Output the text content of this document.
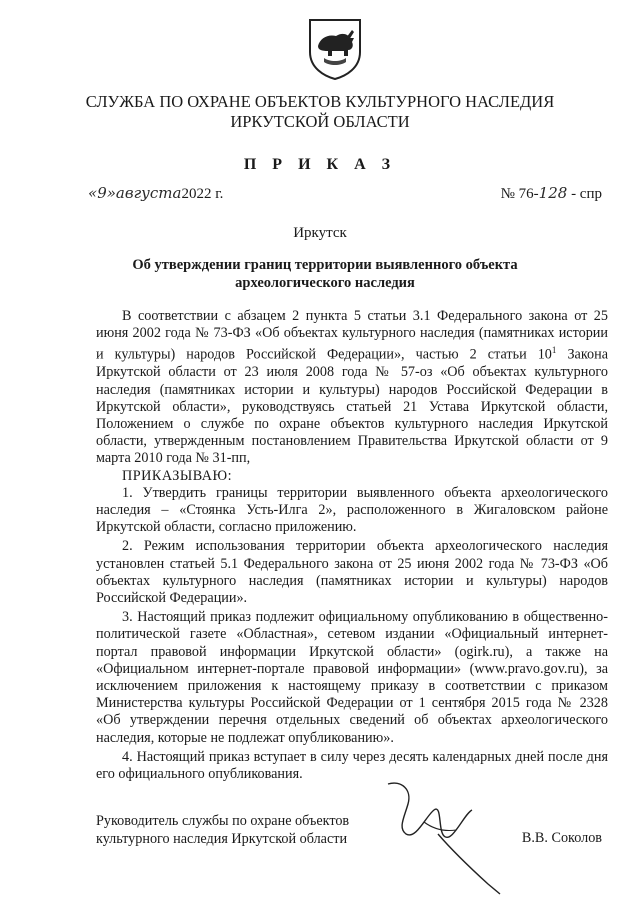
СЛУЖБА ПО ОХРАНЕ ОБЪЕКТОВ КУЛЬТУРНОГО НАСЛЕДИЯ
ИРКУТСКОЙ ОБЛАСТИ
П Р И К А З
«9»августа2022 г.	№ 76-128 - спр
Иркутск
Об утверждении границ территории выявленного объекта
археологического наследия

В соответствии с абзацем 2 пункта 5 статьи 3.1 Федерального закона от 25 июня 2002 года № 73-ФЗ «Об объектах культурного наследия (памятниках истории и культуры) народов Российской Федерации», частью 2 статьи $10^1$ Закона Иркутской области от 23 июля 2008 года № 57-оз «Об объектах культурного наследия (памятниках истории и культуры) народов Российской Федерации в Иркутской области», руководствуясь статьей 21 Устава Иркутской области, Положением о службе по охране объектов культурного наследия Иркутской области, утвержденным постановлением Правительства Иркутской области от 9 марта 2010 года № 31-пп,

ПРИКАЗЫВАЮ:

1. Утвердить границы территории выявленного объекта археологического наследия – «Стоянка Усть-Илга 2», расположенного в Жигаловском районе Иркутской области, согласно приложению.

2. Режим использования территории объекта археологического наследия установлен статьей 5.1 Федерального закона от 25 июня 2002 года № 73-ФЗ «Об объектах культурного наследия (памятниках истории и культуры) народов Российской Федерации».

3. Настоящий приказ подлежит официальному опубликованию в общественно-политической газете «Областная», сетевом издании «Официальный интернет-портал правовой информации Иркутской области» (ogirk.ru), а также на «Официальном интернет-портале правовой информации» (www.pravo.gov.ru), за исключением приложения к настоящему приказу в соответствии с приказом Министерства культуры Российской Федерации от 1 сентября 2015 года № 2328 «Об утверждении перечня отдельных сведений об объектах археологического наследия, которые не подлежат опубликованию».

4. Настоящий приказ вступает в силу через десять календарных дней после дня его официального опубликования.

Руководитель службы по охране объектов
культурного наследия Иркутской области	В.В. Соколов
